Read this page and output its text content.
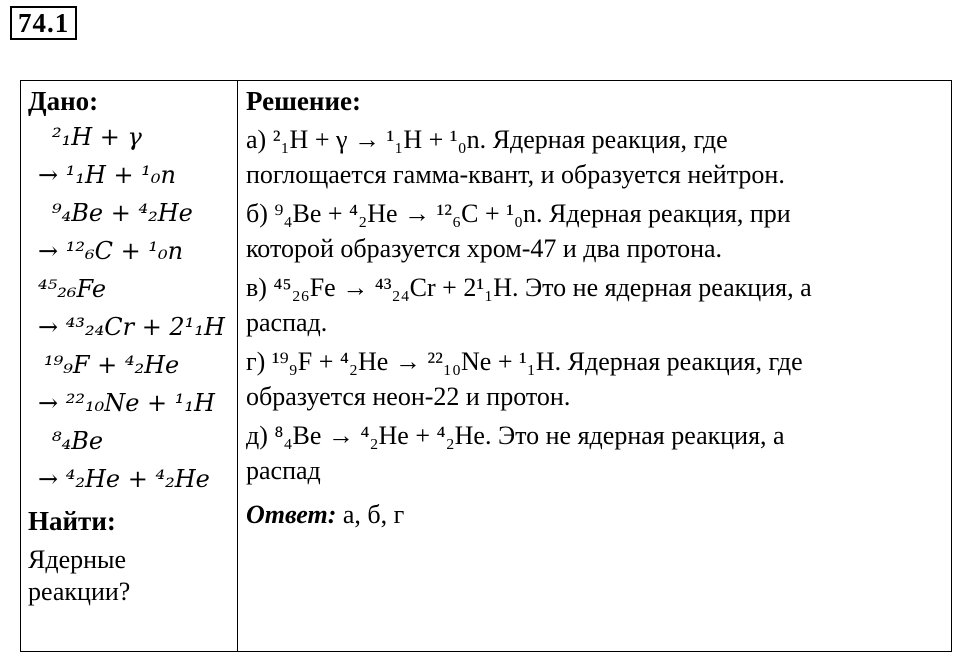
74.1
Дано:
²₁H + γ
→ ¹₁H + ¹₀n
⁹₄Be + ⁴₂He
→ ¹²₆C + ¹₀n
⁴⁵₂₆Fe
→ ⁴³₂₄Cr + 2¹₁H
¹⁹₉F + ⁴₂He
→ ²²₁₀Ne + ¹₁H
⁸₄Be
→ ⁴₂He + ⁴₂He
Найти:
Ядерные
реакции?
Решение:
а) ²₁H + γ → ¹₁H + ¹₀n. Ядерная реакция, где
поглощается гамма-квант, и образуется нейтрон.
б) ⁹₄Be + ⁴₂He → ¹²₆C + ¹₀n. Ядерная реакция, при
которой образуется хром-47 и два протона.
в) ⁴⁵₂₆Fe → ⁴³₂₄Cr + 2¹₁H. Это не ядерная реакция, а
распад.
г) ¹⁹₉F + ⁴₂He → ²²₁₀Ne + ¹₁H. Ядерная реакция, где
образуется неон-22 и протон.
д) ⁸₄Be → ⁴₂He + ⁴₂He. Это не ядерная реакция, а
распад
Ответ: а, б, г
